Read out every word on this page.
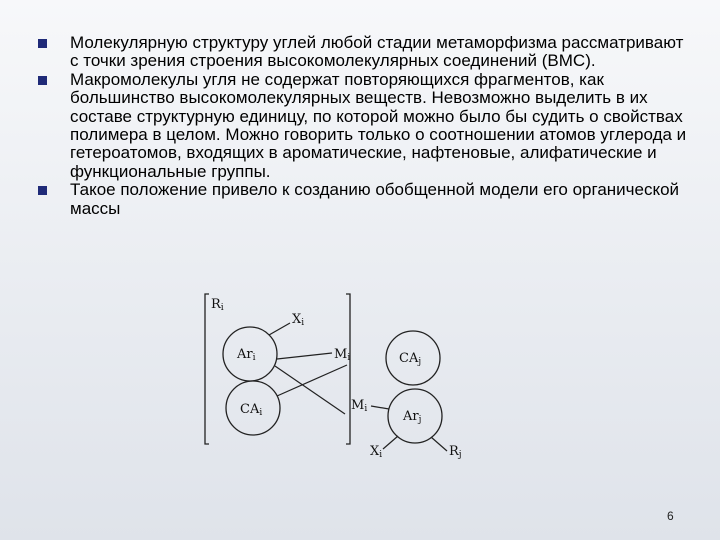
Молекулярную структуру углей любой стадии метаморфизма рассматривают с точки зрения строения высокомолекулярных соединений (ВМС).
Макромолекулы угля не содержат повторяющихся фрагментов, как большинство высокомолекулярных веществ. Невозможно выделить в их составе структурную единицу, по которой можно было бы судить о свойствах полимера в целом. Можно говорить только о соотношении атомов углерода и гетероатомов, входящих в ароматические, нафтеновые, алифатические и функциональные группы.
Такое положение привело к созданию обобщенной модели его органической массы
Ri
Xi
Ari	Mi	CAj
CAi	Mi	Arj
Xi	Rj
6
